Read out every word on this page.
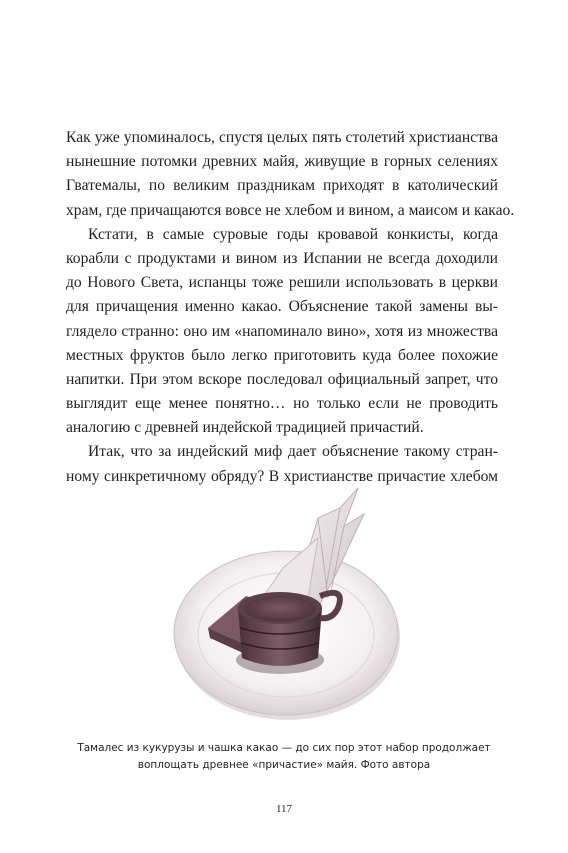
Как уже упоминалось, спустя целых пять столетий христианства
нынешние потомки древних майя, живущие в горных селениях
Гватемалы, по великим праздникам приходят в католический
храм, где причащаются вовсе не хлебом и вином, а маисом и какао.
Кстати, в самые суровые годы кровавой конкисты, когда
корабли с продуктами и вином из Испании не всегда доходили
до Нового Света, испанцы тоже решили использовать в церкви
для причащения именно какао. Объяснение такой замены вы-
глядело странно: оно им «напоминало вино», хотя из множества
местных фруктов было легко приготовить куда более похожие
напитки. При этом вскоре последовал официальный запрет, что
выглядит еще менее понятно… но только если не проводить
аналогию с древней индейской традицией причастий.
Итак, что за индейский миф дает объяснение такому стран-
ному синкретичному обряду? В христианстве причастие хлебом
Тамалес из кукурузы и чашка какао — до сих пор этот набор продолжает
воплощать древнее «причастие» майя. Фото автора
117
